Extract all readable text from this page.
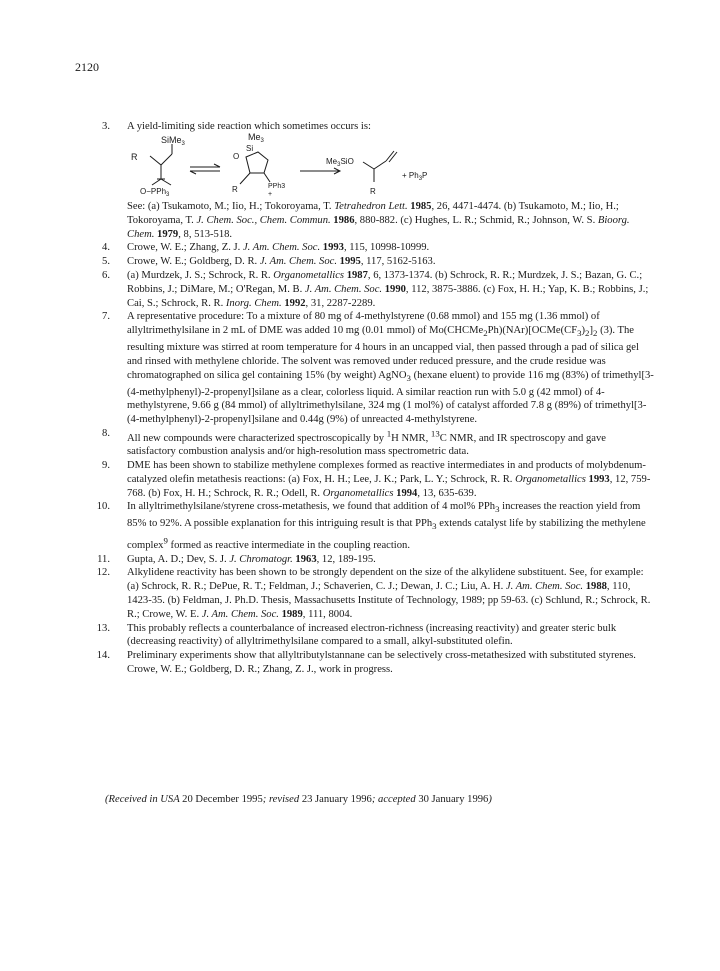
2120
3. A yield-limiting side reaction which sometimes occurs is:
See: (a) Tsukamoto, M.; Iio, H.; Tokoroyama, T. Tetrahedron Lett. 1985, 26, 4471-4474. (b) Tsukamoto, M.; Iio, H.; Tokoroyama, T. J. Chem. Soc., Chem. Commun. 1986, 880-882. (c) Hughes, L. R.; Schmid, R.; Johnson, W. S. Bioorg. Chem. 1979, 8, 513-518.
4. Crowe, W. E.; Zhang, Z. J. J. Am. Chem. Soc. 1993, 115, 10998-10999.
5. Crowe, W. E.; Goldberg, D. R. J. Am. Chem. Soc. 1995, 117, 5162-5163.
6. (a) Murdzek, J. S.; Schrock, R. R. Organometallics 1987, 6, 1373-1374. (b) Schrock, R. R.; Murdzek, J. S.; Bazan, G. C.; Robbins, J.; DiMare, M.; O'Regan, M. B. J. Am. Chem. Soc. 1990, 112, 3875-3886. (c) Fox, H. H.; Yap, K. B.; Robbins, J.; Cai, S.; Schrock, R. R. Inorg. Chem. 1992, 31, 2287-2289.
7. A representative procedure: To a mixture of 80 mg of 4-methylstyrene (0.68 mmol) and 155 mg (1.36 mmol) of allyltrimethylsilane in 2 mL of DME was added 10 mg (0.01 mmol) of $Mo(CHCMe_2Ph)(NAr)[OCMe(CF_3)_2]_2$ (3). The resulting mixture was stirred at room temperature for 4 hours in an uncapped vial, then passed through a pad of silica gel and rinsed with methylene chloride. The solvent was removed under reduced pressure, and the crude residue was chromatographed on silica gel containing 15% (by weight) AgNO$_3$ (hexane eluent) to provide 116 mg (83%) of trimethyl[3-(4-methylphenyl)-2-propenyl]silane as a clear, colorless liquid. A similar reaction run with 5.0 g (42 mmol) of 4-methylstyrene, 9.66 g (84 mmol) of allyltrimethylsilane, 324 mg (1 mol%) of catalyst afforded 7.8 g (89%) of trimethyl[3-(4-methylphenyl)-2-propenyl]silane and 0.44g (9%) of unreacted 4-methylstyrene.
8. All new compounds were characterized spectroscopically by $^1$H NMR, $^{13}$C NMR, and IR spectroscopy and gave satisfactory combustion analysis and/or high-resolution mass spectrometric data.
9. DME has been shown to stabilize methylene complexes formed as reactive intermediates in and products of molybdenum-catalyzed olefin metathesis reactions: (a) Fox, H. H.; Lee, J. K.; Park, L. Y.; Schrock, R. R. Organometallics 1993, 12, 759-768. (b) Fox, H. H.; Schrock, R. R.; Odell, R. Organometallics 1994, 13, 635-639.
10. In allyltrimethylsilane/styrene cross-metathesis, we found that addition of 4 mol% PPh$_3$ increases the reaction yield from 85% to 92%. A possible explanation for this intriguing result is that PPh$_3$ extends catalyst life by stabilizing the methylene complex$^9$ formed as reactive intermediate in the coupling reaction.
11. Gupta, A. D.; Dev, S. J. J. Chromatogr. 1963, 12, 189-195.
12. Alkylidene reactivity has been shown to be strongly dependent on the size of the alkylidene substituent. See, for example: (a) Schrock, R. R.; DePue, R. T.; Feldman, J.; Schaverien, C. J.; Dewan, J. C.; Liu, A. H. J. Am. Chem. Soc. 1988, 110, 1423-35. (b) Feldman, J. Ph.D. Thesis, Massachusetts Institute of Technology, 1989; pp 59-63. (c) Schlund, R.; Schrock, R. R.; Crowe, W. E. J. Am. Chem. Soc. 1989, 111, 8004.
13. This probably reflects a counterbalance of increased electron-richness (increasing reactivity) and greater steric bulk (decreasing reactivity) of allyltrimethylsilane compared to a small, alkyl-substituted olefin.
14. Preliminary experiments show that allyltributylstannane can be selectively cross-metathesized with substituted styrenes. Crowe, W. E.; Goldberg, D. R.; Zhang, Z. J., work in progress.
SiMe$_3$
R
O−PPh$_3$
$Me_3$
Si
O
R	PPh3
+
$Me_3SiO$
R
+ $Ph_3P$
(Received in USA 20 December 1995; revised 23 January 1996; accepted 30 January 1996)
